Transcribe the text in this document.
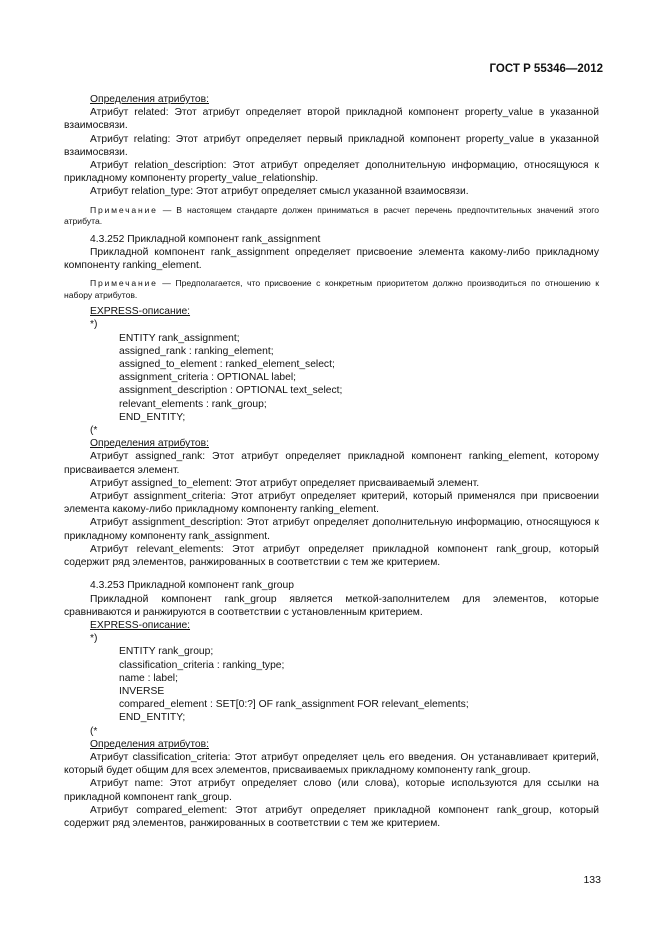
ГОСТ Р 55346—2012

Определения атрибутов:

Атрибут related: Этот атрибут определяет второй прикладной компонент property_value в указанной взаимосвязи.

Атрибут relating: Этот атрибут определяет первый прикладной компонент property_value в указанной взаимосвязи.

Атрибут relation_description: Этот атрибут определяет дополнительную информацию, относящуюся к прикладному компоненту property_value_relationship.

Атрибут relation_type: Этот атрибут определяет смысл указанной взаимосвязи.

Примечание — В настоящем стандарте должен приниматься в расчет перечень предпочтительных значений этого атрибута.

4.3.252 Прикладной компонент rank_assignment

Прикладной компонент rank_assignment определяет присвоение элемента какому-либо прикладному компоненту ranking_element.

Примечание — Предполагается, что присвоение с конкретным приоритетом должно производиться по отношению к набору атрибутов.

EXPRESS-описание:

*)

ENTITY rank_assignment;

assigned_rank : ranking_element;

assigned_to_element : ranked_element_select;

assignment_criteria : OPTIONAL label;

assignment_description : OPTIONAL text_select;

relevant_elements : rank_group;

END_ENTITY;

(*

Определения атрибутов:

Атрибут assigned_rank: Этот атрибут определяет прикладной компонент ranking_element, которому присваивается элемент.

Атрибут assigned_to_element: Этот атрибут определяет присваиваемый элемент.

Атрибут assignment_criteria: Этот атрибут определяет критерий, который применялся при присвоении элемента какому-либо прикладному компоненту ranking_element.

Атрибут assignment_description: Этот атрибут определяет дополнительную информацию, относящуюся к прикладному компоненту rank_assignment.

Атрибут relevant_elements: Этот атрибут определяет прикладной компонент rank_group, который содержит ряд элементов, ранжированных в соответствии с тем же критерием.

4.3.253 Прикладной компонент rank_group

Прикладной компонент rank_group является меткой-заполнителем для элементов, которые сравниваются и ранжируются в соответствии с установленным критерием.

EXPRESS-описание:

*)

ENTITY rank_group;

classification_criteria : ranking_type;

name : label;

INVERSE

compared_element : SET[0:?] OF rank_assignment FOR relevant_elements;

END_ENTITY;

(*

Определения атрибутов:

Атрибут classification_criteria: Этот атрибут определяет цель его введения. Он устанавливает критерий, который будет общим для всех элементов, присваиваемых прикладному компоненту rank_group.

Атрибут name: Этот атрибут определяет слово (или слова), которые используются для ссылки на прикладной компонент rank_group.

Атрибут compared_element: Этот атрибут определяет прикладной компонент rank_group, который содержит ряд элементов, ранжированных в соответствии с тем же критерием.

133
